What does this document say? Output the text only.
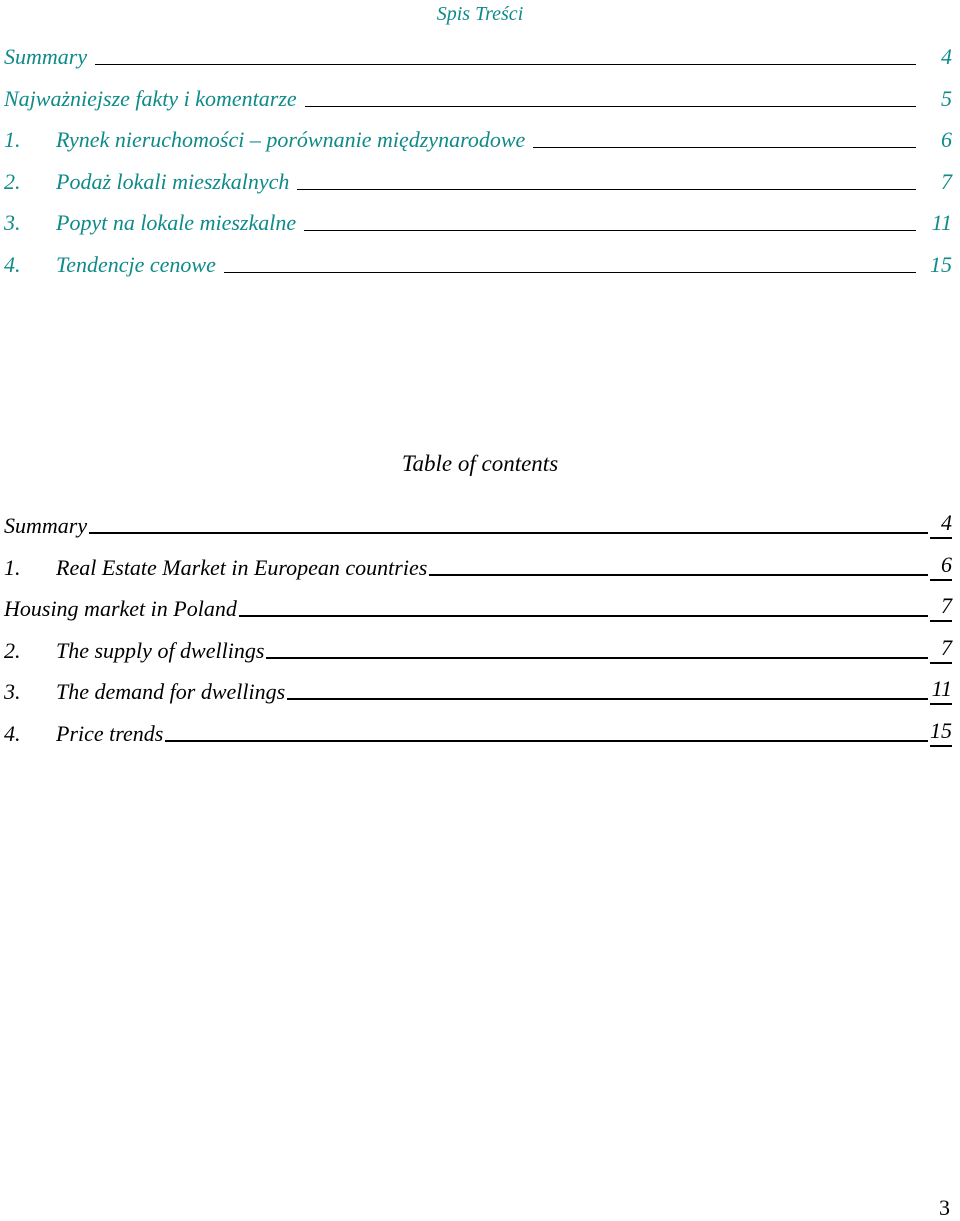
Spis Treści
Summary	4
Najważniejsze fakty i komentarze	5
1.	Rynek nieruchomości – porównanie międzynarodowe	6
2.	Podaż lokali mieszkalnych	7
3.	Popyt na lokale mieszkalne	11
4.	Tendencje cenowe	15
Table of contents
Summary	4
1.	Real Estate Market in European countries	6
Housing market in Poland	7
2.	The supply of dwellings	7
3.	The demand for dwellings	11
4.	Price trends	15
3
